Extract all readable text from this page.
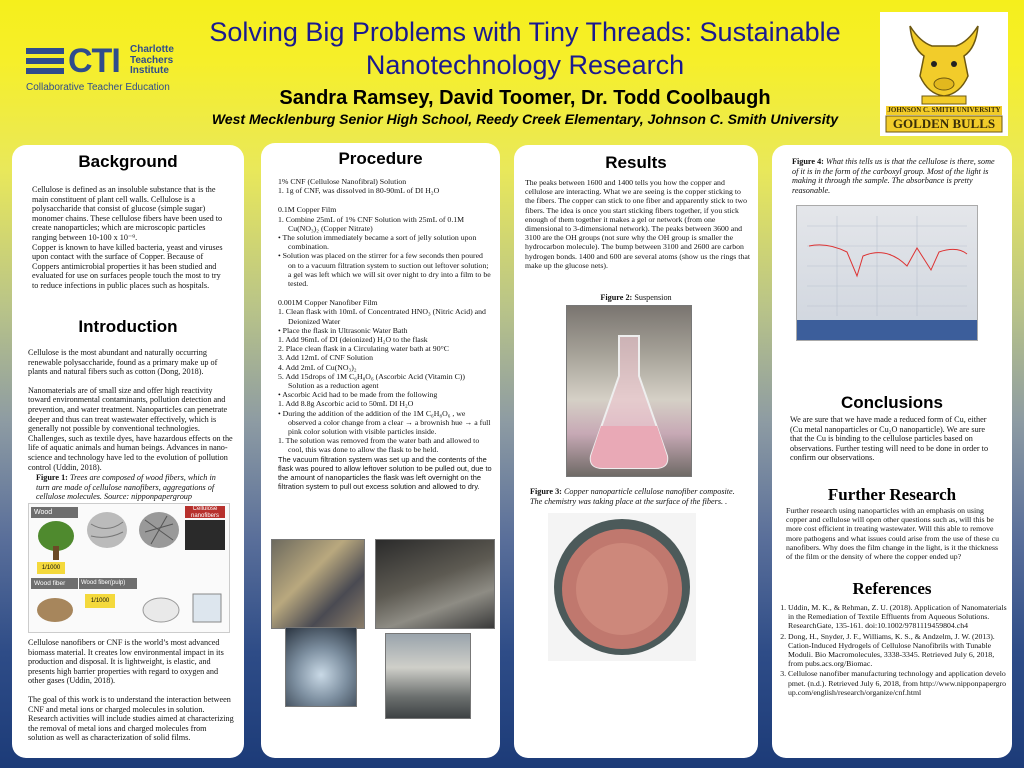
Solving Big Problems with Tiny Threads: Sustainable Nanotechnology Research
Sandra Ramsey, David Toomer, Dr. Todd Coolbaugh
West Mecklenburg Senior High School, Reedy Creek Elementary, Johnson C. Smith University
CTI Charlotte
Teachers
Institute
Collaborative Teacher Education
JOHNSON C. SMITH UNIVERSITY
GOLDEN BULLS
Background
Cellulose is defined as an insoluble substance that is the main constituent of plant cell walls. Cellulose is a polysaccharide that consist of glucose (simple sugar) monomer chains. These cellulose fibers have been used to create nanoparticles; which are microscopic particles ranging between 10-100 x 10⁻⁹.
Copper is known to have killed bacteria, yeast and viruses upon contact with the surface of Copper. Because of Coppers antimicrobial properties it has been studied and evaluated for use on surfaces people touch the most to try to reduce infections in public places such as hospitals.
Introduction

Cellulose is the most abundant and naturally occurring renewable polysaccharide, found as a primary make up of plants and natural fibers such as cotton (Dong, 2018).

Nanomaterials are of small size and offer high reactivity toward environmental contaminants, pollution detection and prevention, and water treatment. Nanoparticles can penetrate deeper and thus can treat wastewater effectively, which is generally not possible by conventional technologies. Challenges, such as textile dyes, have hazardous effects on the life of aquatic animals and human beings. Advances in nano-science and technology have led to the evolution of pollution control (Uddin, 2018).

Figure 1: Trees are composed of wood fibers, which in turn are made of cellulose nanofibers, aggregations of cellulose molecules. Source: nipponpapergroup
Wood	Cellulose nanofibers
1/1000
Wood fiber	Wood fiber(pulp)
1/1000

Cellulose nanofibers or CNF is the world’s most advanced biomass material. It creates low environmental impact in its production and disposal. It is lightweight, is elastic, and presents high barrier properties with regard to oxygen and other gases (Uddin, 2018).

The goal of this work is to understand the interaction between CNF and metal ions or charged molecules in solution. Research activities will include studies aimed at characterizing the removal of metal ions and charged molecules from solution as well as characterization of solid films.

Procedure
1% CNF (Cellulose Nanofibral) Solution
1. 1g of CNF, was dissolved in 80-90mL of DI H₂O
0.1M Copper Film
1. Combine 25mL of 1% CNF Solution with 25mL of 0.1M Cu(NO₃)₂ (Copper Nitrate)
• The solution immediately became a sort of jelly solution upon combination.
• Solution was placed on the stirrer for a few seconds then poured on to a vacuum filtration system to suction out leftover solution; a gel was left which we will sit over night to dry into a film to be tested.
0.001M Copper Nanofiber Film
1. Clean flask with 10mL of Concentrated HNO₃ (Nitric Acid) and Deionized Water
• Place the flask in Ultrasonic Water Bath
1. Add 96mL of DI (deionized) H₂O to the flask
2. Place clean flask in a Circulating water bath at 90°C
3. Add 12mL of CNF Solution
4. Add 2mL of Cu(NO₃)₂
5. Add 15drops of 1M C₆H₈O₆ (Ascorbic Acid (Vitamin C)) Solution as a reduction agent
• Ascorbic Acid had to be made from the following
1. Add 8.8g Ascorbic acid to 50mL DI H₂O
• During the addition of the addition of the 1M C₆H₈O₆ , we observed a color change from a clear → a brownish hue → a full pink color solution with visible particles inside.
1. The solution was removed from the water bath and allowed to cool, this was done to allow the flask to be held.
The vacuum filtration system was set up and the contents of the flask was poured to allow leftover solution to be pulled out, due to the amount of nanoparticles the flask was left overnight on the filtration system to pull out excess solution and allowed to dry.
Results
The peaks between 1600 and 1400 tells you how the copper and cellulose are interacting. What we are seeing is the copper sticking to the fibers. The copper can stick to one fiber and apparently stick to two fibers. The idea is once you start sticking fibers together, if you stick enough of them together it makes a gel or network (from one dimensional to 3-dimensional network). The peaks between 3600 and 3100 are the OH groups (not sure why the OH group is smaller the hydrocarbon molecule). The bump between 3100 and 2600 are carbon hydrogen bonds. 1400 and 600 are several atoms (show us the rings that make up the glucose nets).
Figure 2: Suspension
Figure 3: Copper nanoparticle cellulose nanofiber composite. The chemistry was taking place at the surface of the fibers. .
Figure 4: What this tells us is that the cellulose is there, some of it is in the form of the carboxyl group. Most of the light is making it through the sample. The absorbance is pretty reasonable.
Conclusions
We are sure that we have made a reduced form of Cu, either (Cu metal nanoparticles or Cu₂O nanoparticle). We are sure that the Cu is binding to the cellulose particles based on observations. Further testing will need to be done in order to confirm our observations.
Further Research
Further research using nanoparticles with an emphasis on using copper and cellulose will open other questions such as, will this be more cost efficient in treating wastewater. Will this able to remove more pathogens and what issues could arise from the use of these cu nanofibers. Why does the film change in the light, is it the thickness of the film or the density of where the copper ended up?
References
1. Uddin, M. K., & Rehman, Z. U. (2018). Application of Nanomaterials in the Remediation of Textile Effluents from Aqueous Solutions. ResearchGate, 135-161. doi:10.1002/9781119459804.ch4
2. Dong, H., Snyder, J. F., Williams, K. S., & Andzelm, J. W. (2013). Cation-Induced Hydrogels of Cellulose Nanofibrils with Tunable Moduli. Bio Macromolecules, 3338-3345. Retrieved July 6, 2018, from pubs.acs.org/Biomac.
3. Cellulose nanofiber manufacturing technology and application developmet. (n.d.). Retrieved July 6, 2018, from http://www.nipponpapergroup.com/english/research/organize/cnf.html
